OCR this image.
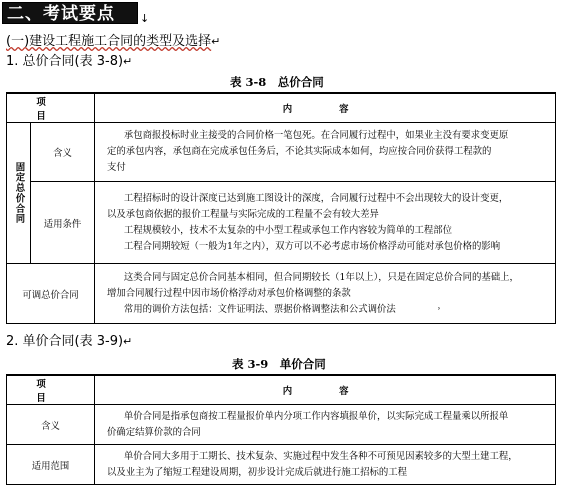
二、考试要点	↓
(一)建设工程施工合同的类型及选择↵
1. 总价合同(表 3-8)↵
表 3-8　总价合同
项　目		内　容
固定总价合同	含义	承包商报投标时业主接受的合同价格一笔包死。在合同履行过程中，如果业主没有要求变更原

定的承包内容，承包商在完成承包任务后，不论其实际成本如何，均应按合同价获得工程款的

支付

	适用条件	工程招标时的设计深度已达到施工图设计的深度，合同履行过程中不会出现较大的设计变更，

以及承包商依据的报价工程量与实际完成的工程量不会有较大差异

工程规模较小，技术不太复杂的中小型工程或承包工作内容较为简单的工程部位

工程合同期较短（一般为1年之内），双方可以不必考虑市场价格浮动可能对承包价格的影响

可调总价合同		这类合同与固定总价合同基本相同，但合同期较长（1年以上），只是在固定总价合同的基础上，

增加合同履行过程中因市场价格浮动对承包价格调整的条款

常用的调价方法包括：文件证明法、票据价格调整法和公式调价法 ˒

2. 单价合同(表 3-9)↵
表 3-9　单价合同
项　目	内　容
含义	单价合同是指承包商按工程量报价单内分项工作内容填报单价，以实际完成工程量乘以所报单

价确定结算价款的合同

适用范围	单价合同大多用于工期长、技术复杂、实施过程中发生各种不可预见因素较多的大型土建工程，

以及业主为了缩短工程建设周期，初步设计完成后就进行施工招标的工程
